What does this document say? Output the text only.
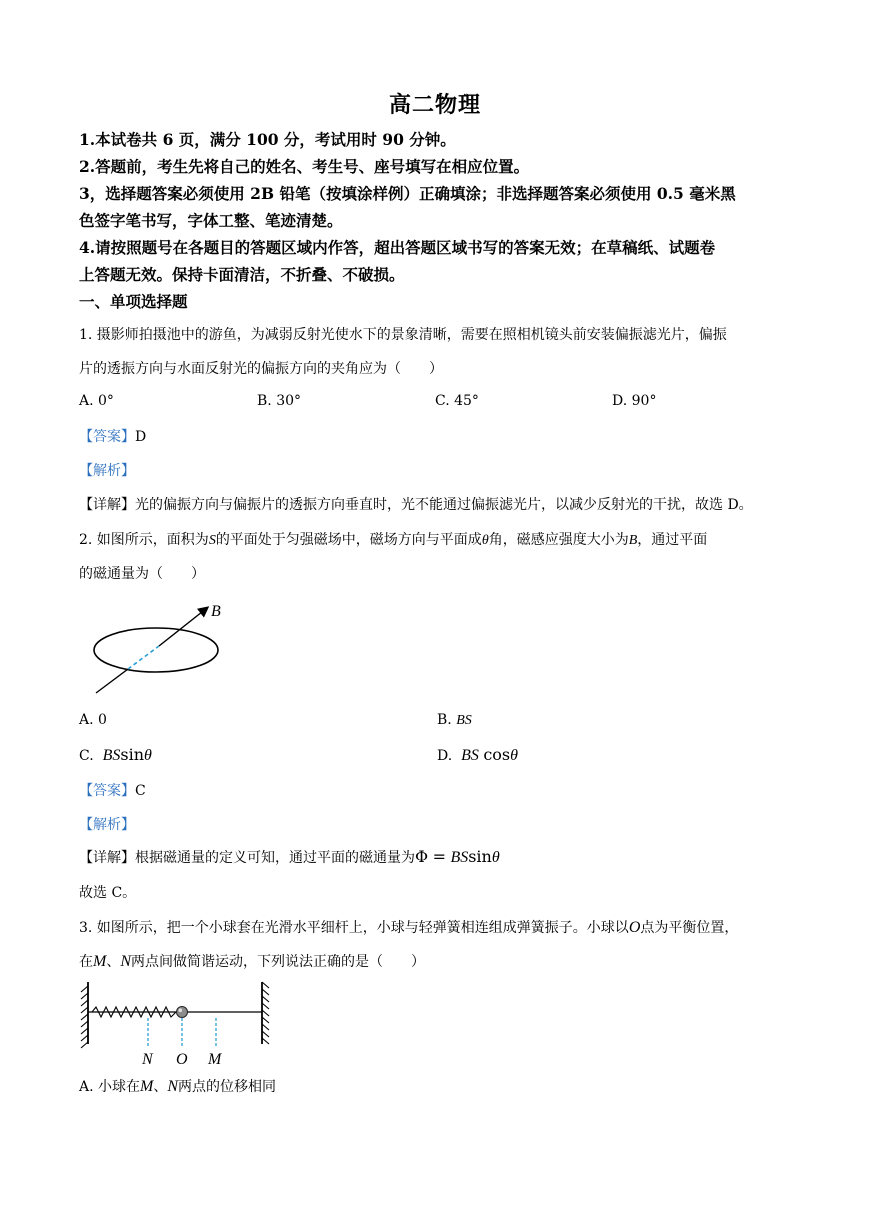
高二物理
1.本试卷共 6 页，满分 100 分，考试用时 90 分钟。
2.答题前，考生先将自己的姓名、考生号、座号填写在相应位置。
3，选择题答案必须使用 2B 铅笔（按填涂样例）正确填涂；非选择题答案必须使用 0.5 毫米黑
色签字笔书写，字体工整、笔迹清楚。
4.请按照题号在各题目的答题区域内作答，超出答题区域书写的答案无效；在草稿纸、试题卷
上答题无效。保持卡面清洁，不折叠、不破损。
一、单项选择题
1. 摄影师拍摄池中的游鱼，为减弱反射光使水下的景象清晰，需要在照相机镜头前安装偏振滤光片，偏振
片的透振方向与水面反射光的偏振方向的夹角应为（　　）
A. 0°	B. 30°	C. 45°	D. 90°
【答案】D
【解析】
【详解】光的偏振方向与偏振片的透振方向垂直时，光不能通过偏振滤光片，以减少反射光的干扰，故选 D。
2. 如图所示，面积为S的平面处于匀强磁场中，磁场方向与平面成θ角，磁感应强度大小为B，通过平面
的磁通量为（　　）
B
A. 0	B. BS
C. BSsinθ	D. BS cosθ
【答案】C
【解析】
【详解】根据磁通量的定义可知，通过平面的磁通量为Φ = BSsinθ
故选 C。
3. 如图所示，把一个小球套在光滑水平细杆上，小球与轻弹簧相连组成弹簧振子。小球以O点为平衡位置，
在M、N两点间做简谐运动，下列说法正确的是（　　）
N O M
A. 小球在M、N两点的位移相同
